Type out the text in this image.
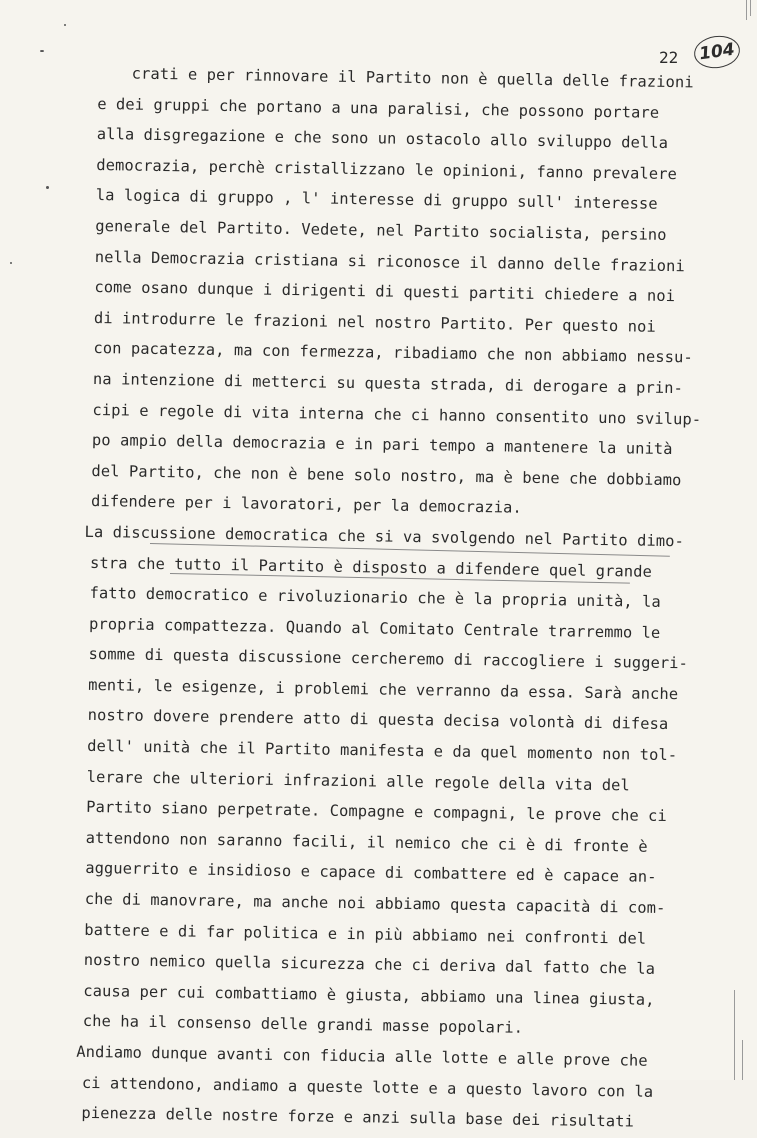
22	104
crati e per rinnovare il Partito non è quella delle frazioni
e dei gruppi che portano a una paralisi, che possono portare
alla disgregazione e che sono un ostacolo allo sviluppo della
democrazia, perchè cristallizzano le opinioni, fanno prevalere
la logica di gruppo , l' interesse di gruppo sull' interesse
generale del Partito. Vedete, nel Partito socialista, persino
nella Democrazia cristiana si riconosce il danno delle frazioni
come osano dunque i dirigenti di questi partiti chiedere a noi
di introdurre le frazioni nel nostro Partito. Per questo noi
con pacatezza, ma con fermezza, ribadiamo che non abbiamo nessu-
na intenzione di metterci su questa strada, di derogare a prin-
cipi e regole di vita interna che ci hanno consentito uno svilup-
po ampio della democrazia e in pari tempo a mantenere la unità
del Partito, che non è bene solo nostro, ma è bene che dobbiamo
difendere per i lavoratori, per la democrazia.
La discussione democratica che si va svolgendo nel Partito dimo-
stra che tutto il Partito è disposto a difendere quel grande
fatto democratico e rivoluzionario che è la propria unità, la
propria compattezza. Quando al Comitato Centrale trarremmo le
somme di questa discussione cercheremo di raccogliere i suggeri-
menti, le esigenze, i problemi che verranno da essa. Sarà anche
nostro dovere prendere atto di questa decisa volontà di difesa
dell' unità che il Partito manifesta e da quel momento non tol-
lerare che ulteriori infrazioni alle regole della vita del
Partito siano perpetrate. Compagne e compagni, le prove che ci
attendono non saranno facili, il nemico che ci è di fronte è
agguerrito e insidioso e capace di combattere ed è capace an-
che di manovrare, ma anche noi abbiamo questa capacità di com-
battere e di far politica e in più abbiamo nei confronti del
nostro nemico quella sicurezza che ci deriva dal fatto che la
causa per cui combattiamo è giusta, abbiamo una linea giusta,
che ha il consenso delle grandi masse popolari.
Andiamo dunque avanti con fiducia alle lotte e alle prove che
ci attendono, andiamo a queste lotte e a questo lavoro con la
pienezza delle nostre forze e anzi sulla base dei risultati
